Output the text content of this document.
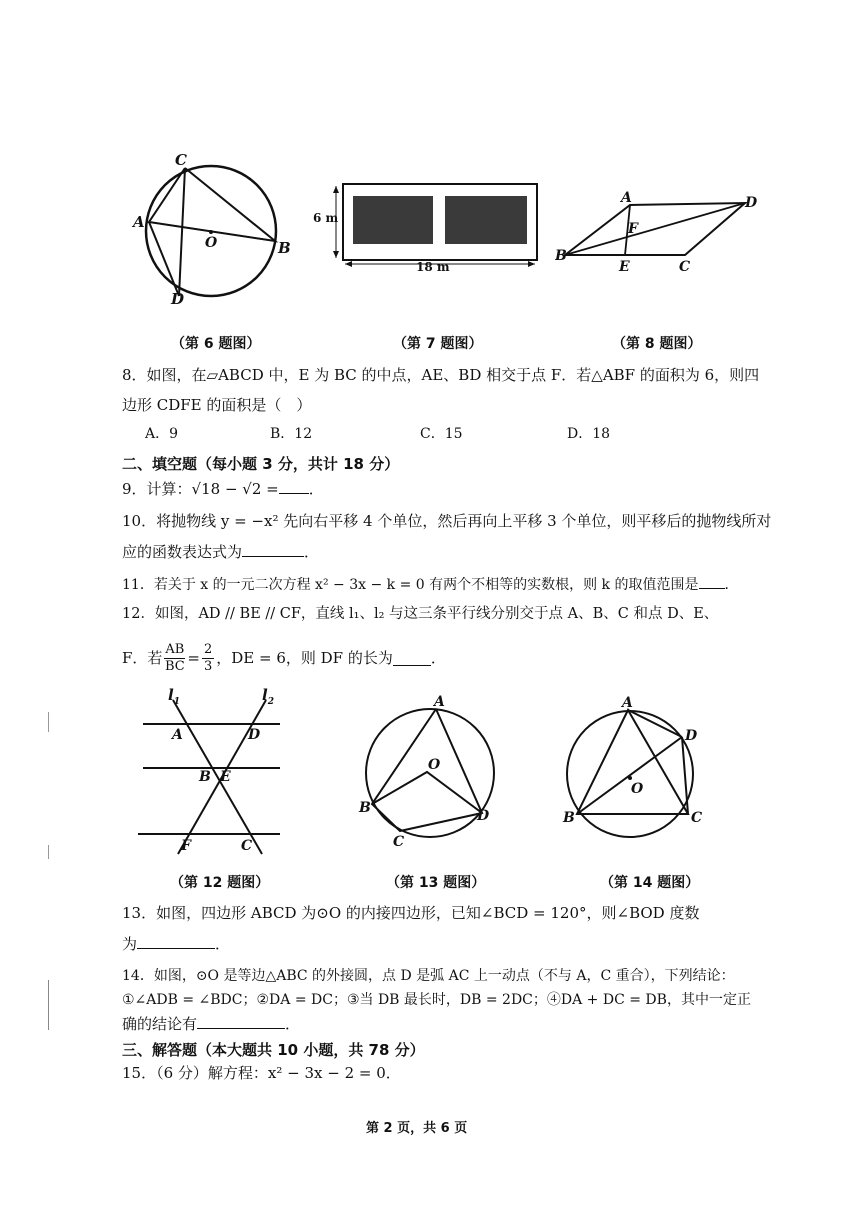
C
A
B
O
D
6 m
18 m
A	D
F
B
E	C
（第 6 题图）	（第 7 题图）	（第 8 题图）
8．如图，在▱ABCD 中，E 为 BC 的中点，AE、BD 相交于点 F．若△ABF 的面积为 6，则四
边形 CDFE 的面积是（　）
A．9	B．12	C．15	D．18
二、填空题（每小题 3 分，共计 18 分）
9．计算：√18 − √2 = ．
10．将抛物线 y = −x² 先向右平移 4 个单位，然后再向上平移 3 个单位，则平移后的抛物线所对
应的函数表达式为	．
11．若关于 x 的一元二次方程 x² − 3x − k = 0 有两个不相等的实数根，则 k 的取值范围是 ．
12．如图，AD // BE // CF，直线 l₁、l₂ 与这三条平行线分别交于点 A、B、C 和点 D、E、
F．若 $\frac{AB}{BC} = \frac{2}{3}$ ，DE = 6，则 DF 的长为	．
$l_1$	$l_2$
A	D
B E
F	C
A
O
B
C
D
A
D
O
B	C
（第 12 题图）	（第 13 题图）	（第 14 题图）
13．如图，四边形 ABCD 为⊙O 的内接四边形，已知∠BCD = 120°，则∠BOD 度数
为	．
14．如图，⊙O 是等边△ABC 的外接圆，点 D 是弧 AC 上一动点（不与 A，C 重合），下列结论：
①∠ADB = ∠BDC；②DA = DC；③当 DB 最长时，DB = 2DC；④DA + DC = DB，其中一定正
确的结论有	．
三、解答题（本大题共 10 小题，共 78 分）
15．（6 分）解方程：x² − 3x − 2 = 0．
第 2 页，共 6 页
